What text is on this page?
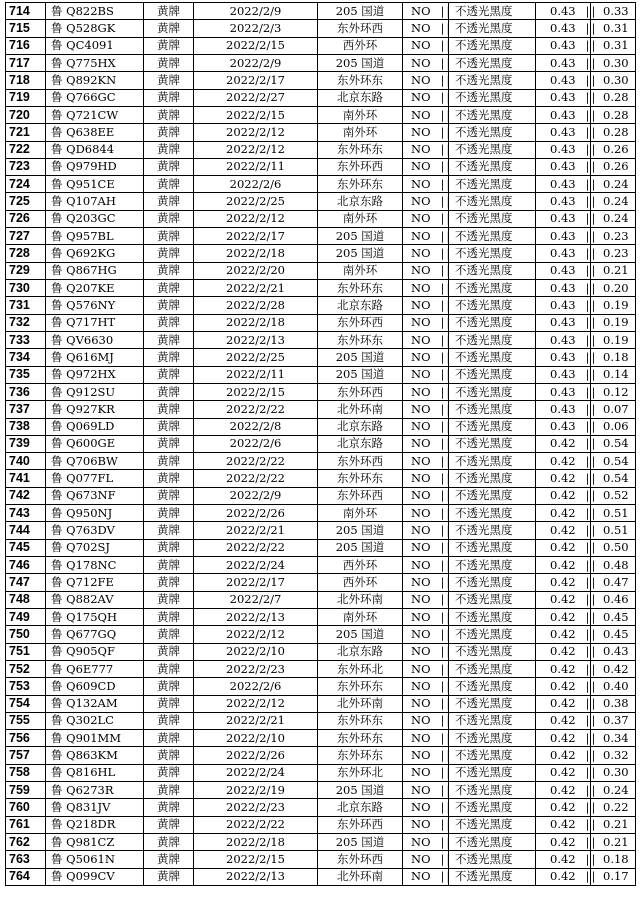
714	鲁 Q822BS	黄牌	2022/2/9	205 国道	NO ||	不透光黑度	0.43 ||	0.33
715	鲁 Q528GK	黄牌	2022/2/3	东外环西	NO ||	不透光黑度	0.43 ||	0.31
716	鲁 QC4091	黄牌	2022/2/15	西外环	NO ||	不透光黑度	0.43 ||	0.31
717	鲁 Q775HX	黄牌	2022/2/9	205 国道	NO ||	不透光黑度	0.43 ||	0.30
718	鲁 Q892KN	黄牌	2022/2/17	东外环东	NO ||	不透光黑度	0.43 ||	0.30
719	鲁 Q766GC	黄牌	2022/2/27	北京东路	NO ||	不透光黑度	0.43 ||	0.28
720	鲁 Q721CW	黄牌	2022/2/15	南外环	NO ||	不透光黑度	0.43 ||	0.28
721	鲁 Q638EE	黄牌	2022/2/12	南外环	NO ||	不透光黑度	0.43 ||	0.28
722	鲁 QD6844	黄牌	2022/2/12	东外环东	NO ||	不透光黑度	0.43 ||	0.26
723	鲁 Q979HD	黄牌	2022/2/11	东外环西	NO ||	不透光黑度	0.43 ||	0.26
724	鲁 Q951CE	黄牌	2022/2/6	东外环东	NO ||	不透光黑度	0.43 ||	0.24
725	鲁 Q107AH	黄牌	2022/2/25	北京东路	NO ||	不透光黑度	0.43 ||	0.24
726	鲁 Q203GC	黄牌	2022/2/12	南外环	NO ||	不透光黑度	0.43 ||	0.24
727	鲁 Q957BL	黄牌	2022/2/17	205 国道	NO ||	不透光黑度	0.43 ||	0.23
728	鲁 Q692KG	黄牌	2022/2/18	205 国道	NO ||	不透光黑度	0.43 ||	0.23
729	鲁 Q867HG	黄牌	2022/2/20	南外环	NO ||	不透光黑度	0.43 ||	0.21
730	鲁 Q207KE	黄牌	2022/2/21	东外环东	NO ||	不透光黑度	0.43 ||	0.20
731	鲁 Q576NY	黄牌	2022/2/28	北京东路	NO ||	不透光黑度	0.43 ||	0.19
732	鲁 Q717HT	黄牌	2022/2/18	东外环西	NO ||	不透光黑度	0.43 ||	0.19
733	鲁 QV6630	黄牌	2022/2/13	东外环东	NO ||	不透光黑度	0.43 ||	0.19
734	鲁 Q616MJ	黄牌	2022/2/25	205 国道	NO ||	不透光黑度	0.43 ||	0.18
735	鲁 Q972HX	黄牌	2022/2/11	205 国道	NO ||	不透光黑度	0.43 ||	0.14
736	鲁 Q912SU	黄牌	2022/2/15	东外环西	NO ||	不透光黑度	0.43 ||	0.12
737	鲁 Q927KR	黄牌	2022/2/22	北外环南	NO ||	不透光黑度	0.43 ||	0.07
738	鲁 Q069LD	黄牌	2022/2/8	北京东路	NO ||	不透光黑度	0.43 ||	0.06
739	鲁 Q600GE	黄牌	2022/2/6	北京东路	NO ||	不透光黑度	0.42 ||	0.54
740	鲁 Q706BW	黄牌	2022/2/22	东外环西	NO ||	不透光黑度	0.42 ||	0.54
741	鲁 Q077FL	黄牌	2022/2/22	东外环东	NO ||	不透光黑度	0.42 ||	0.54
742	鲁 Q673NF	黄牌	2022/2/9	东外环西	NO ||	不透光黑度	0.42 ||	0.52
743	鲁 Q950NJ	黄牌	2022/2/26	南外环	NO ||	不透光黑度	0.42 ||	0.51
744	鲁 Q763DV	黄牌	2022/2/21	205 国道	NO ||	不透光黑度	0.42 ||	0.51
745	鲁 Q702SJ	黄牌	2022/2/22	205 国道	NO ||	不透光黑度	0.42 ||	0.50
746	鲁 Q178NC	黄牌	2022/2/24	西外环	NO ||	不透光黑度	0.42 ||	0.48
747	鲁 Q712FE	黄牌	2022/2/17	西外环	NO ||	不透光黑度	0.42 ||	0.47
748	鲁 Q882AV	黄牌	2022/2/7	北外环南	NO ||	不透光黑度	0.42 ||	0.46
749	鲁 Q175QH	黄牌	2022/2/13	南外环	NO ||	不透光黑度	0.42 ||	0.45
750	鲁 Q677GQ	黄牌	2022/2/12	205 国道	NO ||	不透光黑度	0.42 ||	0.45
751	鲁 Q905QF	黄牌	2022/2/10	北京东路	NO ||	不透光黑度	0.42 ||	0.43
752	鲁 Q6E777	黄牌	2022/2/23	东外环北	NO ||	不透光黑度	0.42 ||	0.42
753	鲁 Q609CD	黄牌	2022/2/6	东外环东	NO ||	不透光黑度	0.42 ||	0.40
754	鲁 Q132AM	黄牌	2022/2/12	北外环南	NO ||	不透光黑度	0.42 ||	0.38
755	鲁 Q302LC	黄牌	2022/2/21	东外环东	NO ||	不透光黑度	0.42 ||	0.37
756	鲁 Q901MM	黄牌	2022/2/10	东外环东	NO ||	不透光黑度	0.42 ||	0.34
757	鲁 Q863KM	黄牌	2022/2/26	东外环东	NO ||	不透光黑度	0.42 ||	0.32
758	鲁 Q816HL	黄牌	2022/2/24	东外环北	NO ||	不透光黑度	0.42 ||	0.30
759	鲁 Q6273R	黄牌	2022/2/19	205 国道	NO ||	不透光黑度	0.42 ||	0.24
760	鲁 Q831JV	黄牌	2022/2/23	北京东路	NO ||	不透光黑度	0.42 ||	0.22
761	鲁 Q218DR	黄牌	2022/2/22	东外环西	NO ||	不透光黑度	0.42 ||	0.21
762	鲁 Q981CZ	黄牌	2022/2/18	205 国道	NO ||	不透光黑度	0.42 ||	0.21
763	鲁 Q5061N	黄牌	2022/2/15	东外环西	NO ||	不透光黑度	0.42 ||	0.18
764	鲁 Q099CV	黄牌	2022/2/13	北外环南	NO ||	不透光黑度	0.42 ||	0.17
